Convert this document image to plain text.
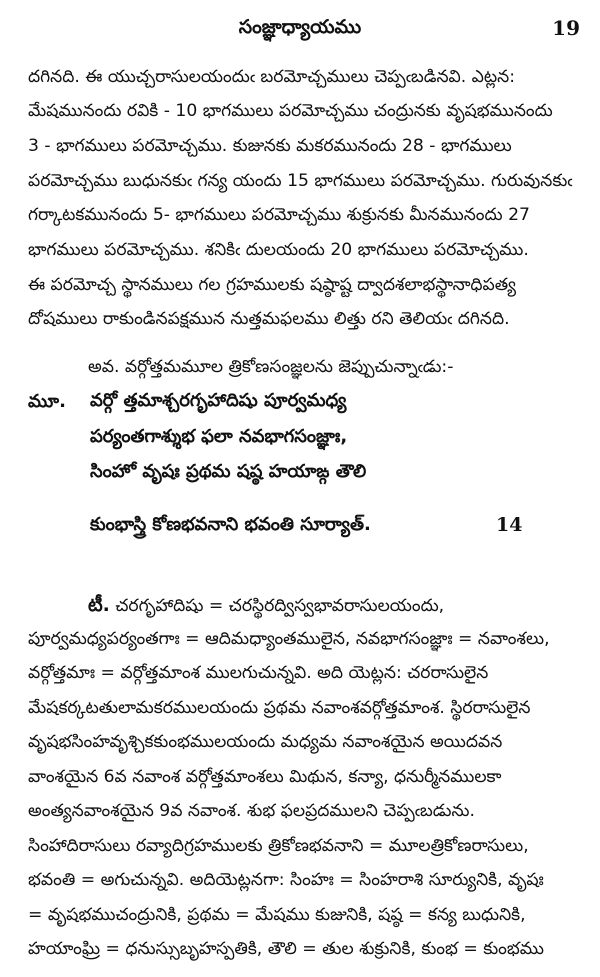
సంజ్ఞాధ్యాయము	19
దగినది. ఈ యుచ్చరాసులయందుఁ బరమోచ్చములు చెప్పఁబడినవి. ఎట్లన:
మేషమునందు రవికి - 10 భాగములు పరమోచ్చము చంద్రునకు వృషభమునందు
3 - భాగములు పరమోచ్చము. కుజునకు మకరమునందు 28 - భాగములు
పరమోచ్చము బుధునకుఁ గన్య యందు 15 భాగములు పరమోచ్చము. గురువునకుఁ
గర్కాటకమునందు 5- భాగములు పరమోచ్చము శుక్రునకు మీనమునందు 27
భాగములు పరమోచ్చము. శనికిఁ దులయందు 20 భాగములు పరమోచ్చము.
ఈ పరమోచ్చ స్థానములు గల గ్రహములకు షష్ఠాష్ట ద్వాదశలాభస్థానాధిపత్య
దోషములు రాకుండినపక్షమున నుత్తమఫలము లిత్తు రని తెలియఁ దగినది.
అవ. వర్గోత్తమమూల త్రికోణసంజ్ఞలను జెప్పుచున్నాఁడు:-
మూ. వర్గో త్తమాశ్చరగృహాదిషు పూర్వమధ్య
పర్యంతగాశ్శుభ ఫలా నవభాగసంజ్ఞాః,
సింహో వృషః ప్రథమ షష్ఠ హయాఙ్గ తౌలి
కుంభాస్త్రి కోణభవనాని భవంతి సూర్యాత్.	14
టీ. చరగృహాదిషు = చరస్థిరద్విస్వభావరాసులయందు,
పూర్వమధ్యపర్యంతగాః = ఆదిమధ్యాంతములైన, నవభాగసంజ్ఞాః = నవాంశలు,
వర్గోత్తమాః = వర్గోత్తమాంశ ములగుచున్నవి. అది యెట్లన: చరరాసులైన
మేషకర్కటతులామకరములయందు ప్రథమ నవాంశవర్గోత్తమాంశ. స్థిరరాసులైన
వృషభసింహవృశ్చికకుంభములయందు మధ్యమ నవాంశయైన అయిదవన
వాంశయైన 6వ నవాంశ వర్గోత్తమాంశలు మిథున, కన్యా, ధనుర్మీనములకా
అంత్యనవాంశయైన 9వ నవాంశ. శుభ ఫలప్రదములని చెప్పఁబడును.
సింహాదిరాసులు రవ్యాదిగ్రహములకు త్రికోణభవనాని = మూలత్రికోణరాసులు,
భవంతి = అగుచున్నవి. అదియెట్లనగా: సింహః = సింహరాశి సూర్యునికి, వృషః
= వృషభముచంద్రునికి, ప్రథమ = మేషము కుజునికి, షష్ఠ = కన్య బుధునికి,
హయాంఘ్రి = ధనుస్సుబృహస్పతికి, తౌలి = తుల శుక్రునికి, కుంభ = కుంభము
